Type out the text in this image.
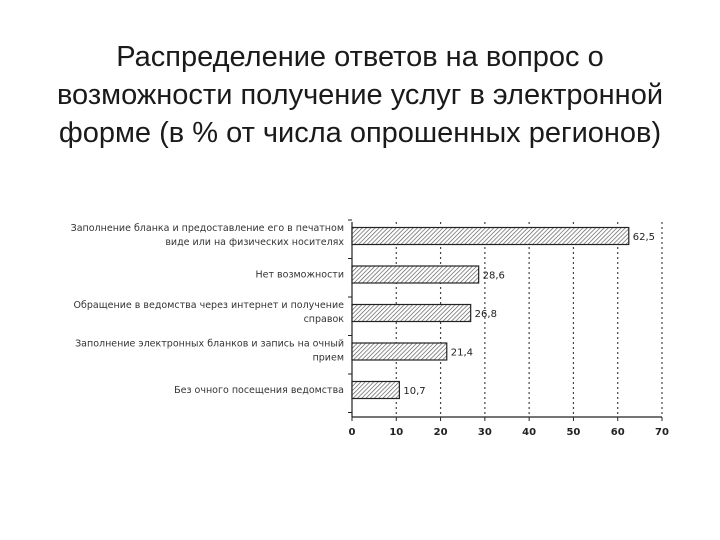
Распределение ответов на вопрос о
возможности получение услуг в электронной
форме (в % от числа опрошенных регионов)
0	10	20	30	40	50	60	70
62,5
Заполнение бланка и предоставление его в печатном
виде или на физических носителях
28,6
Нет возможности
26,8
Обращение в ведомства через интернет и получение
справок
21,4
Заполнение электронных бланков и запись на очный
прием
10,7
Без очного посещения ведомства
